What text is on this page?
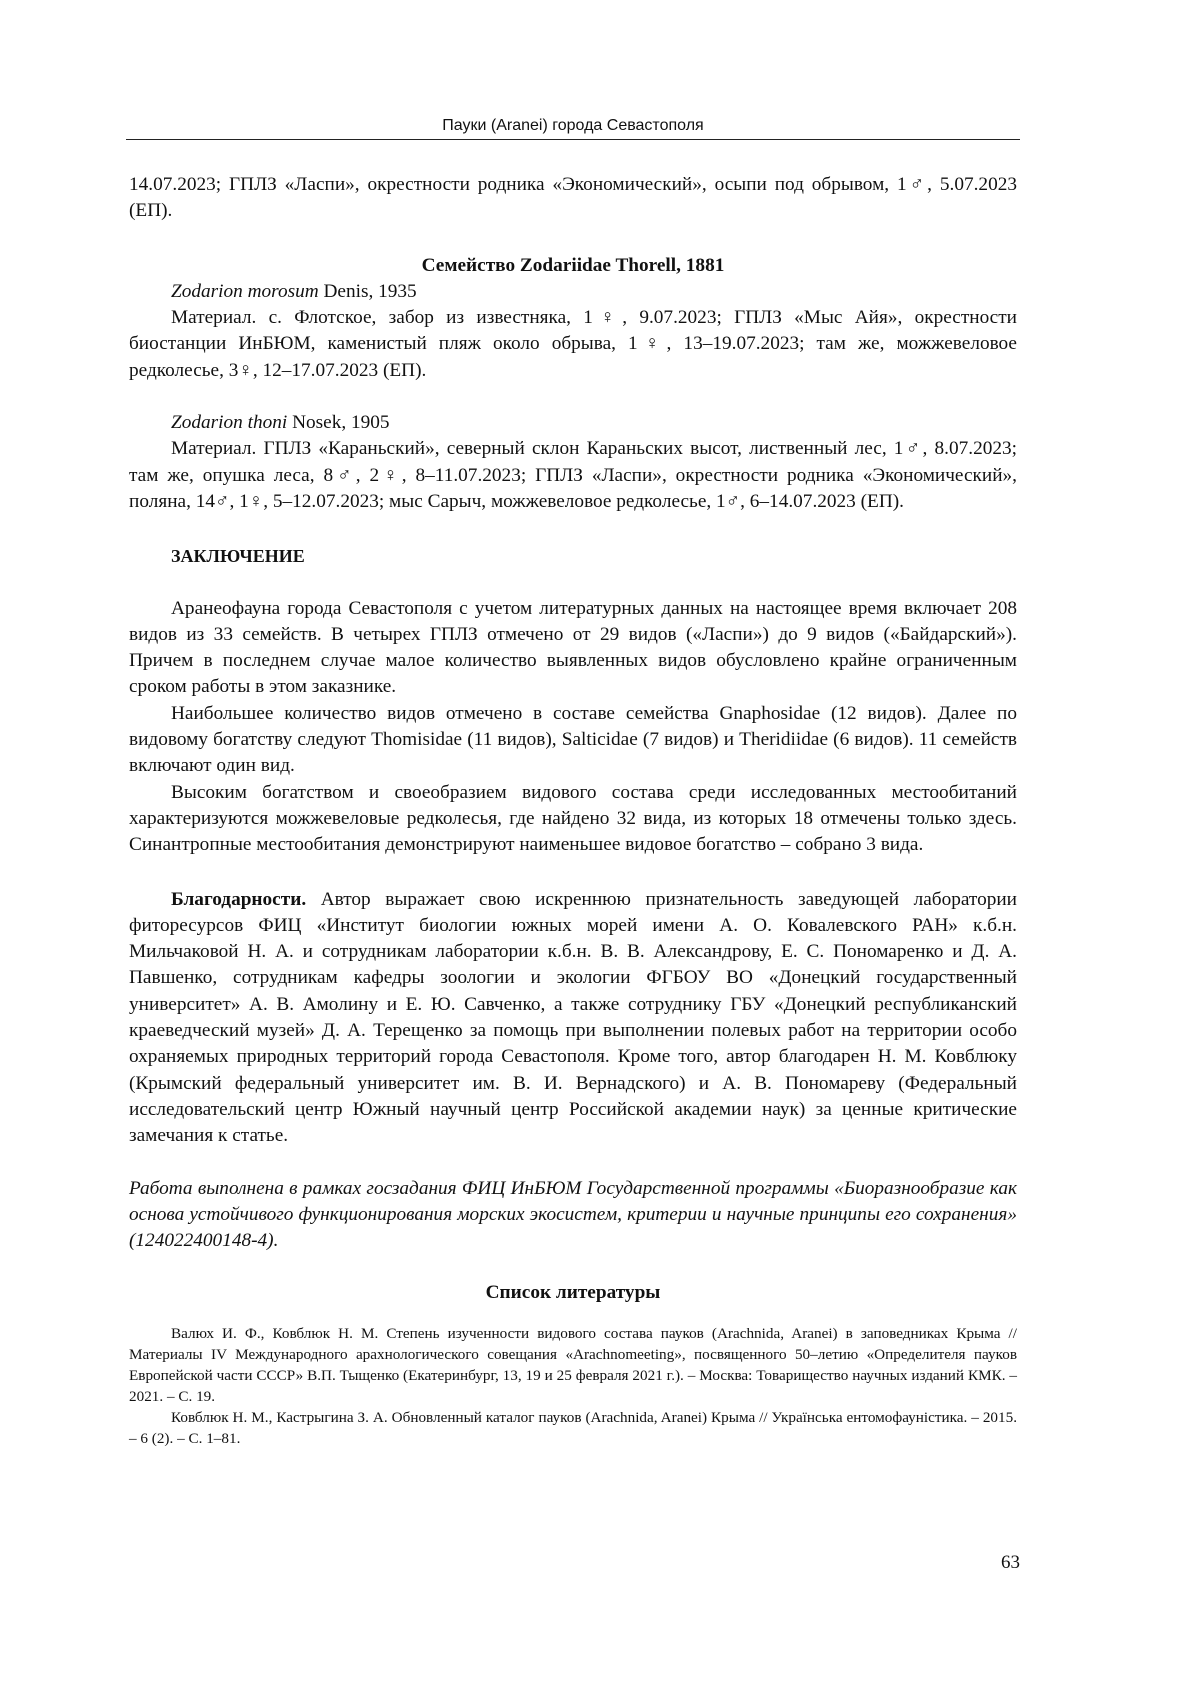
Пауки (Aranei) города Севастополя

14.07.2023; ГПЛЗ «Ласпи», окрестности родника «Экономический», осыпи под обрывом, 1♂, 5.07.2023 (ЕП).

Семейство Zodariidae Thorell, 1881

Zodarion morosum Denis, 1935

Материал. с. Флотское, забор из известняка, 1♀, 9.07.2023; ГПЛЗ «Мыс Айя», окрестности биостанции ИнБЮМ, каменистый пляж около обрыва, 1♀, 13–19.07.2023; там же, можжевеловое редколесье, 3♀, 12–17.07.2023 (ЕП).

Zodarion thoni Nosek, 1905

Материал. ГПЛЗ «Караньский», северный склон Караньских высот, лиственный лес, 1♂, 8.07.2023; там же, опушка леса, 8♂, 2♀, 8–11.07.2023; ГПЛЗ «Ласпи», окрестности родника «Экономический», поляна, 14♂, 1♀, 5–12.07.2023; мыс Сарыч, можжевеловое редколесье, 1♂, 6–14.07.2023 (ЕП).

ЗАКЛЮЧЕНИЕ

Аранеофауна города Севастополя с учетом литературных данных на настоящее время включает 208 видов из 33 семейств. В четырех ГПЛЗ отмечено от 29 видов («Ласпи») до 9 видов («Байдарский»). Причем в последнем случае малое количество выявленных видов обусловлено крайне ограниченным сроком работы в этом заказнике.

Наибольшее количество видов отмечено в составе семейства Gnaphosidae (12 видов). Далее по видовому богатству следуют Thomisidae (11 видов), Salticidae (7 видов) и Theridiidae (6 видов). 11 семейств включают один вид.

Высоким богатством и своеобразием видового состава среди исследованных местообитаний характеризуются можжевеловые редколесья, где найдено 32 вида, из которых 18 отмечены только здесь. Синантропные местообитания демонстрируют наименьшее видовое богатство – собрано 3 вида.

Благодарности. Автор выражает свою искреннюю признательность заведующей лаборатории фиторесурсов ФИЦ «Институт биологии южных морей имени А. О. Ковалевского РАН» к.б.н. Мильчаковой Н. А. и сотрудникам лаборатории к.б.н. В. В. Александрову, Е. С. Пономаренко и Д. А. Павшенко, сотрудникам кафедры зоологии и экологии ФГБОУ ВО «Донецкий государственный университет» А. В. Амолину и Е. Ю. Савченко, а также сотруднику ГБУ «Донецкий республиканский краеведческий музей» Д. А. Терещенко за помощь при выполнении полевых работ на территории особо охраняемых природных территорий города Севастополя. Кроме того, автор благодарен Н. М. Ковблюку (Крымский федеральный университет им. В. И. Вернадского) и А. В. Пономареву (Федеральный исследовательский центр Южный научный центр Российской академии наук) за ценные критические замечания к статье.

Работа выполнена в рамках госзадания ФИЦ ИнБЮМ Государственной программы «Биоразнообразие как основа устойчивого функционирования морских экосистем, критерии и научные принципы его сохранения» (124022400148-4).

Список литературы

Валюх И. Ф., Ковблюк Н. М. Степень изученности видового состава пауков (Arachnida, Aranei) в заповедниках Крыма // Материалы IV Международного арахнологического совещания «Arachnomeeting», посвященного 50–летию «Определителя пауков Европейской части СССР» В.П. Тыщенко (Екатеринбург, 13, 19 и 25 февраля 2021 г.). – Москва: Товарищество научных изданий КМК. – 2021. – С. 19.

Ковблюк Н. М., Кастрыгина З. А. Обновленный каталог пауков (Arachnida, Aranei) Крыма // Українська ентомофауністика. – 2015. – 6 (2). – С. 1–81.

63
